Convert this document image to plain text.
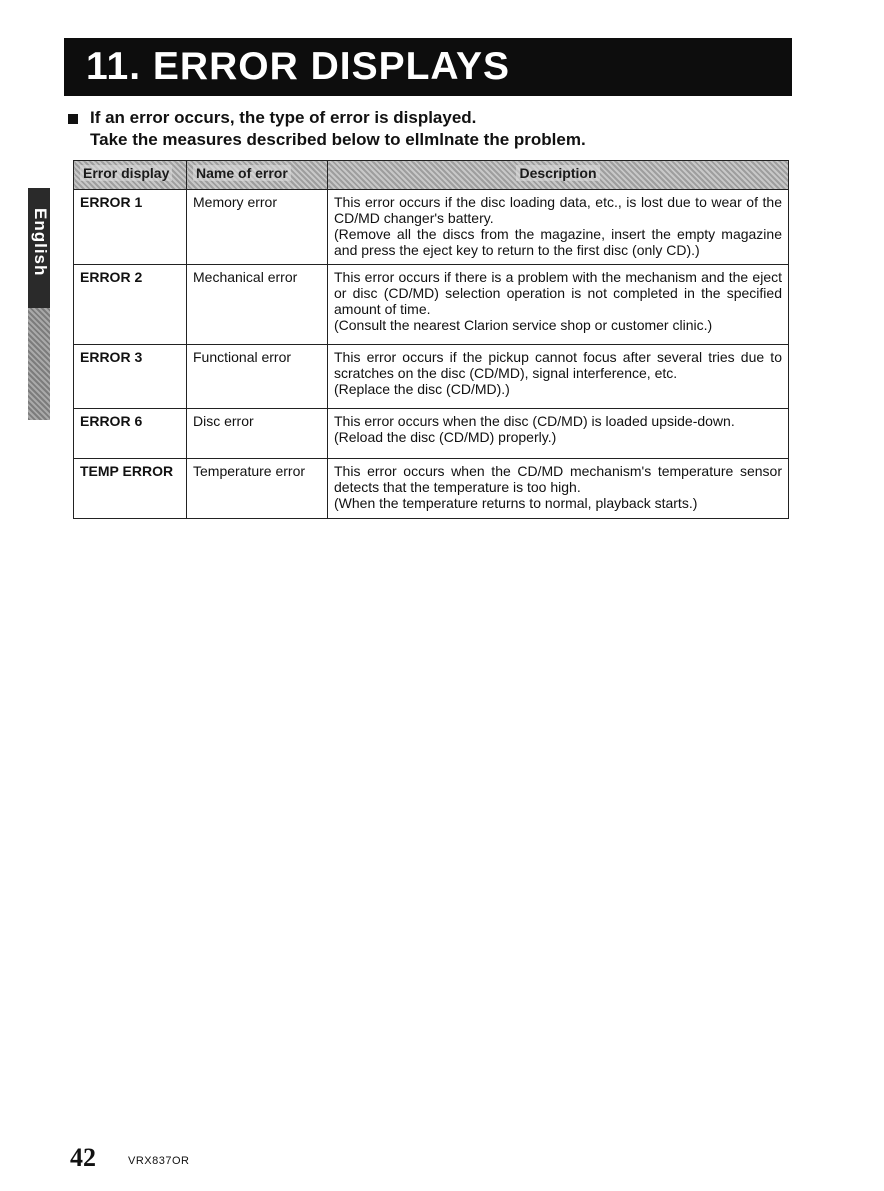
11. ERROR DISPLAYS
English
If an error occurs, the type of error is displayed.
Take the measures described below to ellmlnate the problem.
Error display	Name of error	Description
ERROR 1	Memory error	This error occurs if the disc loading data, etc., is lost due to wear of the CD/MD changer's battery.
(Remove all the discs from the magazine, insert the empty magazine and press the eject key to return to the first disc (only CD).)

ERROR 2	Mechanical error	This error occurs if there is a problem with the mechanism and the eject or disc (CD/MD) selection operation is not completed in the specified amount of time.
(Consult the nearest Clarion service shop or customer clinic.)

ERROR 3	Functional error	This error occurs if the pickup cannot focus after several tries due to scratches on the disc (CD/MD), signal interference, etc.
(Replace the disc (CD/MD).)

ERROR 6	Disc error	This error occurs when the disc (CD/MD) is loaded upside-down.
(Reload the disc (CD/MD) properly.)

TEMP ERROR	Temperature error	This error occurs when the CD/MD mechanism's temperature sensor detects that the temperature is too high.
(When the temperature returns to normal, playback starts.)
42	VRX837OR
